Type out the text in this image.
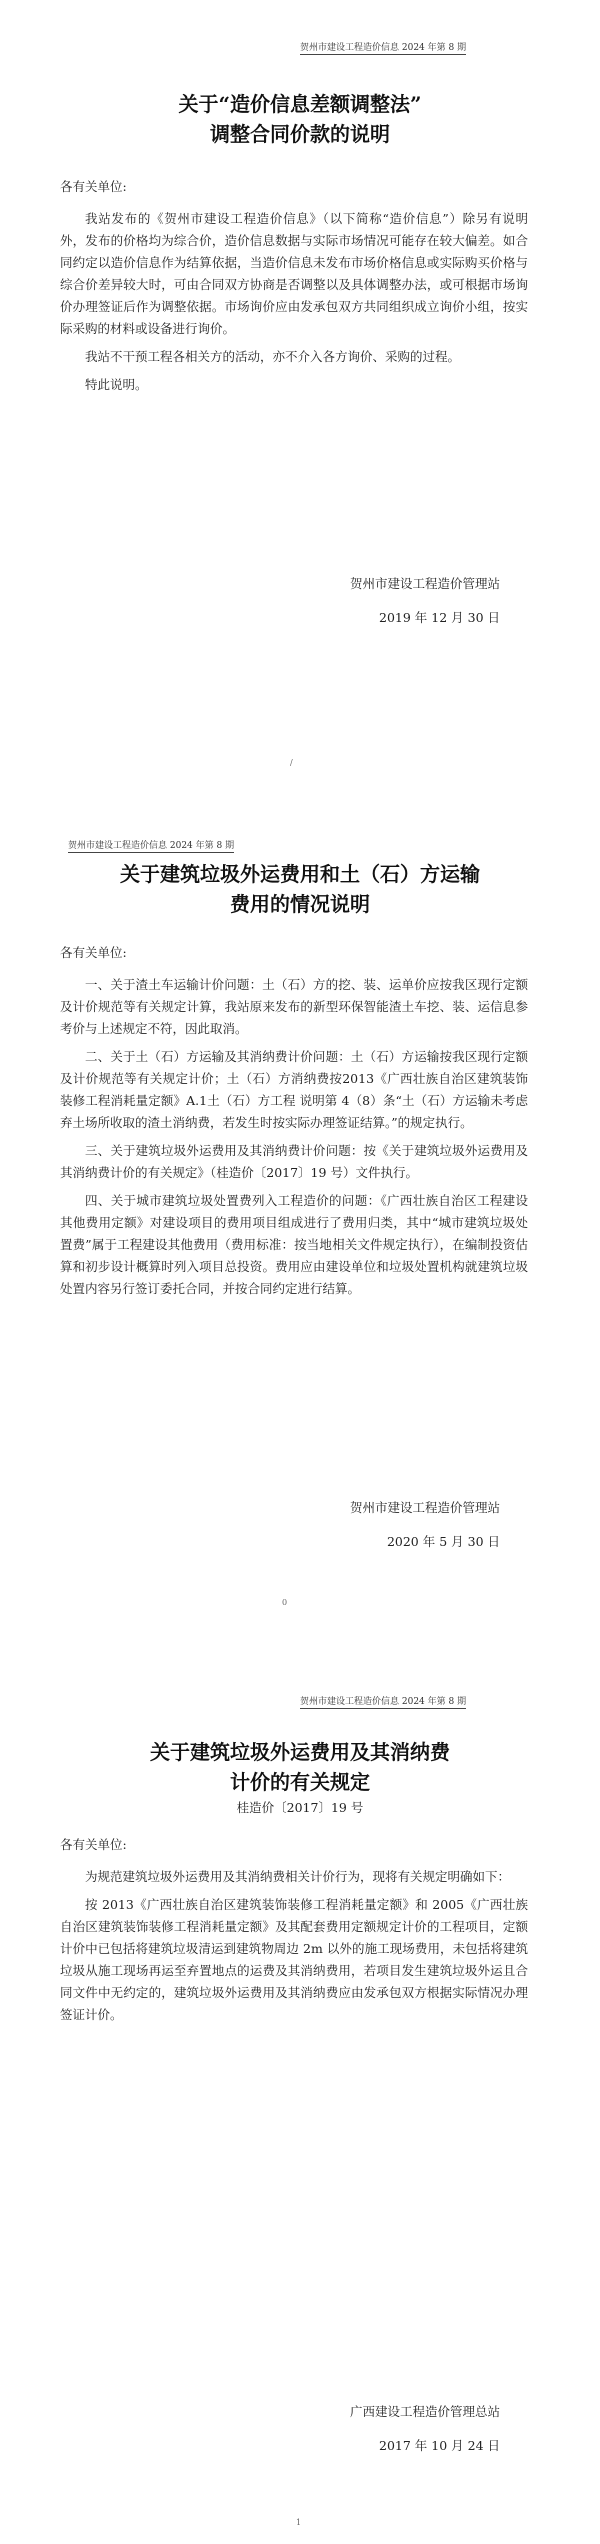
贺州市建设工程造价信息 2024 年第 8 期
关于“造价信息差额调整法”
调整合同价款的说明

各有关单位:

我站发布的《贺州市建设工程造价信息》（以下简称“造价信息”）除另有说明外，发布的价格均为综合价，造价信息数据与实际市场情况可能存在较大偏差。如合同约定以造价信息作为结算依据，当造价信息未发布市场价格信息或实际购买价格与综合价差异较大时，可由合同双方协商是否调整以及具体调整办法，或可根据市场询价办理签证后作为调整依据。市场询价应由发承包双方共同组织成立询价小组，按实际采购的材料或设备进行询价。

我站不干预工程各相关方的活动，亦不介入各方询价、采购的过程。

特此说明。

贺州市建设工程造价管理站
2019 年 12 月 30 日
/
贺州市建设工程造价信息 2024 年第 8 期
关于建筑垃圾外运费用和土（石）方运输
费用的情况说明

各有关单位:

一、关于渣土车运输计价问题：土（石）方的挖、装、运单价应按我区现行定额及计价规范等有关规定计算，我站原来发布的新型环保智能渣土车挖、装、运信息参考价与上述规定不符，因此取消。

二、关于土（石）方运输及其消纳费计价问题：土（石）方运输按我区现行定额及计价规范等有关规定计价；土（石）方消纳费按2013《广西壮族自治区建筑装饰装修工程消耗量定额》A.1土（石）方工程 说明第 4（8）条“土（石）方运输未考虑弃土场所收取的渣土消纳费，若发生时按实际办理签证结算。”的规定执行。

三、关于建筑垃圾外运费用及其消纳费计价问题：按《关于建筑垃圾外运费用及其消纳费计价的有关规定》（桂造价〔2017〕19 号）文件执行。

四、关于城市建筑垃圾处置费列入工程造价的问题：《广西壮族自治区工程建设其他费用定额》对建设项目的费用项目组成进行了费用归类，其中“城市建筑垃圾处置费”属于工程建设其他费用（费用标准：按当地相关文件规定执行），在编制投资估算和初步设计概算时列入项目总投资。费用应由建设单位和垃圾处置机构就建筑垃圾处置内容另行签订委托合同，并按合同约定进行结算。

贺州市建设工程造价管理站
2020 年 5 月 30 日
0
贺州市建设工程造价信息 2024 年第 8 期
关于建筑垃圾外运费用及其消纳费
计价的有关规定
桂造价〔2017〕19 号

各有关单位:

为规范建筑垃圾外运费用及其消纳费相关计价行为，现将有关规定明确如下：

按 2013《广西壮族自治区建筑装饰装修工程消耗量定额》和 2005《广西壮族自治区建筑装饰装修工程消耗量定额》及其配套费用定额规定计价的工程项目，定额计价中已包括将建筑垃圾清运到建筑物周边 2m 以外的施工现场费用，未包括将建筑垃圾从施工现场再运至弃置地点的运费及其消纳费用，若项目发生建筑垃圾外运且合同文件中无约定的，建筑垃圾外运费用及其消纳费应由发承包双方根据实际情况办理签证计价。

广西建设工程造价管理总站
2017 年 10 月 24 日
1
